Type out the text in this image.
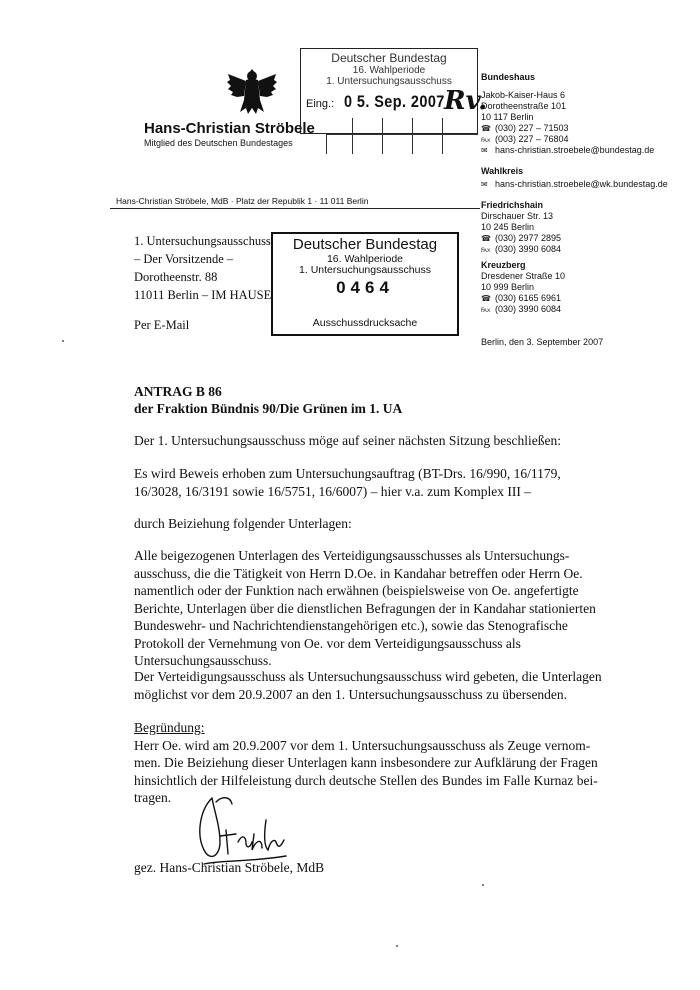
Hans-Christian Ströbele
Mitglied des Deutschen Bundestages
Deutscher Bundestag
16. Wahlperiode
1. Untersuchungsausschuss
Eing.: 0 5. Sep. 2007 Rv.
Bundeshaus
Jakob-Kaiser-Haus 6
Dorotheenstraße 101
10 117 Berlin
☎ (030) 227 – 71503
℻ (003) 227 – 76804
✉ hans-christian.stroebele@bundestag.de
Wahlkreis
✉ hans-christian.stroebele@wk.bundestag.de
Friedrichshain
Dirschauer Str. 13
10 245 Berlin
☎ (030) 2977 2895
℻ (030) 3990 6084
Kreuzberg
Dresdener Straße 10
10 999 Berlin
☎ (030) 6165 6961
℻ (030) 3990 6084
Hans-Christian Ströbele, MdB · Platz der Republik 1 · 11 011 Berlin
1. Untersuchungsausschuss
– Der Vorsitzende –
Dorotheenstr. 88
11011 Berlin – IM HAUSE
Per E-Mail
Deutscher Bundestag
16. Wahlperiode
1. Untersuchungsausschuss
0464
Ausschussdrucksache
Berlin, den 3. September 2007
ANTRAG B 86
der Fraktion Bündnis 90/Die Grünen im 1. UA
Der 1. Untersuchungsausschuss möge auf seiner nächsten Sitzung beschließen:
Es wird Beweis erhoben zum Untersuchungsauftrag (BT-Drs. 16/990, 16/1179,
16/3028, 16/3191 sowie 16/5751, 16/6007) – hier v.a. zum Komplex III –
durch Beiziehung folgender Unterlagen:
Alle beigezogenen Unterlagen des Verteidigungsausschusses als Untersuchungs-
ausschuss, die die Tätigkeit von Herrn D.Oe. in Kandahar betreffen oder Herrn Oe.
namentlich oder der Funktion nach erwähnen (beispielsweise von Oe. angefertigte
Berichte, Unterlagen über die dienstlichen Befragungen der in Kandahar stationierten
Bundeswehr- und Nachrichtendienstangehörigen etc.), sowie das Stenografische
Protokoll der Vernehmung von Oe. vor dem Verteidigungsausschuss als
Untersuchungsausschuss.
Der Verteidigungsausschuss als Untersuchungsausschuss wird gebeten, die Unterlagen
möglichst vor dem 20.9.2007 an den 1. Untersuchungsausschuss zu übersenden.
Begründung:
Herr Oe. wird am 20.9.2007 vor dem 1. Untersuchungsausschuss als Zeuge vernom-
men. Die Beiziehung dieser Unterlagen kann insbesondere zur Aufklärung der Fragen
hinsichtlich der Hilfeleistung durch deutsche Stellen des Bundes im Falle Kurnaz bei-
tragen.
gez. Hans-Christian Ströbele, MdB
